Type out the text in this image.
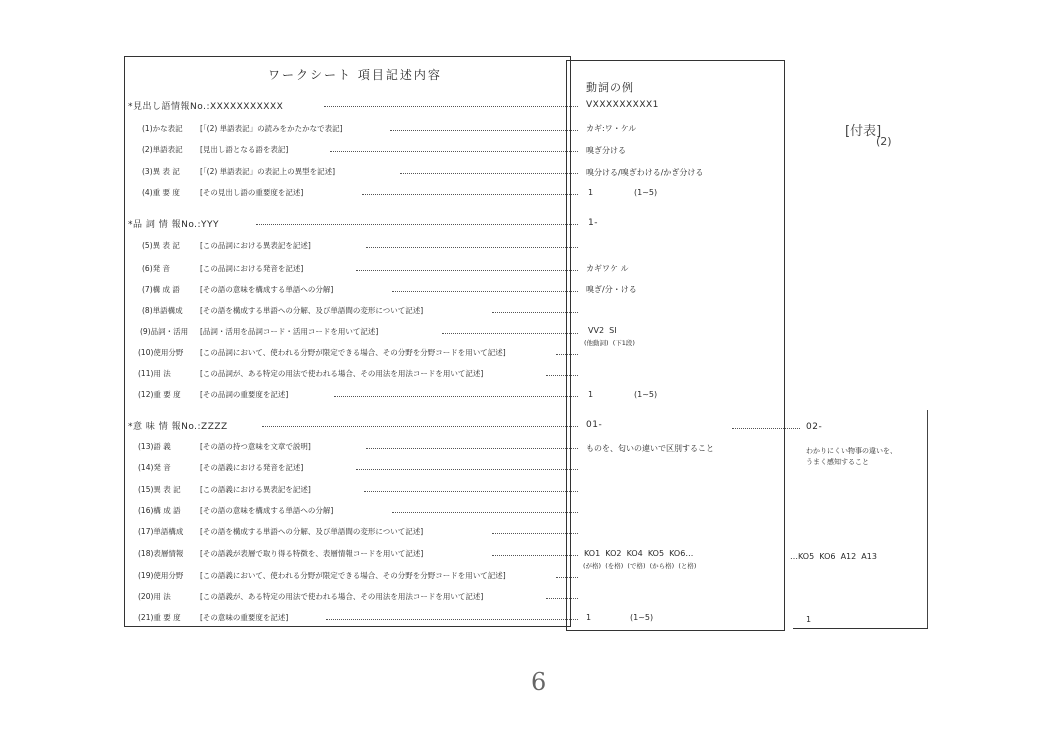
ワークシート 項目記述内容
動詞の例
[付表]
(2)
*見出し語情報No.:XXXXXXXXXXX	VXXXXXXXXX1
(1)かな表記 [「(2) 単語表記」の読みをかたかなで表記]	カギ:ワ・ケル
(2)単語表記 [見出し語となる語を表記]	嗅ぎ分ける
(3)異 表 記	[「(2) 単語表記」の表記上の異型を記述]	嗅分ける/嗅ぎわける/かぎ分ける
(4)重 要 度	[その見出し語の重要度を記述]	1	(1~5)
*品 詞 情 報No.:YYY	1-
(5)異 表 記	[この品詞における異表記を記述]
(6)発 音	[この品詞における発音を記述]	カギワケ ル
(7)構 成 語	[その語の意味を構成する単語への分解]	嗅ぎ/分・ける
(8)単語構成 [その語を構成する単語への分解、及び単語間の変形について記述]
(9)品詞・活用 [品詞・活用を品詞コード・活用コードを用いて記述]	VV2  SI
(他動詞)  (下1段)
(10)使用分野 [この品詞において、使われる分野が限定できる場合、その分野を分野コードを用いて記述]
(11)用 法	[この品詞が、ある特定の用法で使われる場合、その用法を用法コードを用いて記述]
(12)重 要 度	[その品詞の重要度を記述]	1	(1~5)
*意 味 情 報No.:ZZZZ	01-	02-
(13)語 義	[その語の持つ意味を文章で説明]	ものを、匂いの違いで区別すること	わかりにくい物事の違いを、
うまく感知すること
(14)発 音	[その語義における発音を記述]
(15)異 表 記	[この語義における異表記を記述]
(16)構 成 語	[その語の意味を構成する単語への分解]
(17)単語構成 [その語を構成する単語への分解、及び単語間の変形について記述]
(18)表層情報 [その語義が表層で取り得る特徴を、表層情報コードを用いて記述]	KO1  KO2  KO4  KO5  KO6…
(が格)  (を格)  (で格)  (から格)  (と格)
…KO5  KO6  A12  A13
(19)使用分野 [この語義において、使われる分野が限定できる場合、その分野を分野コードを用いて記述]
(20)用 法	[この語義が、ある特定の用法で使われる場合、その用法を用法コードを用いて記述]
(21)重 要 度	[その意味の重要度を記述]	1	(1~5)	1
6
